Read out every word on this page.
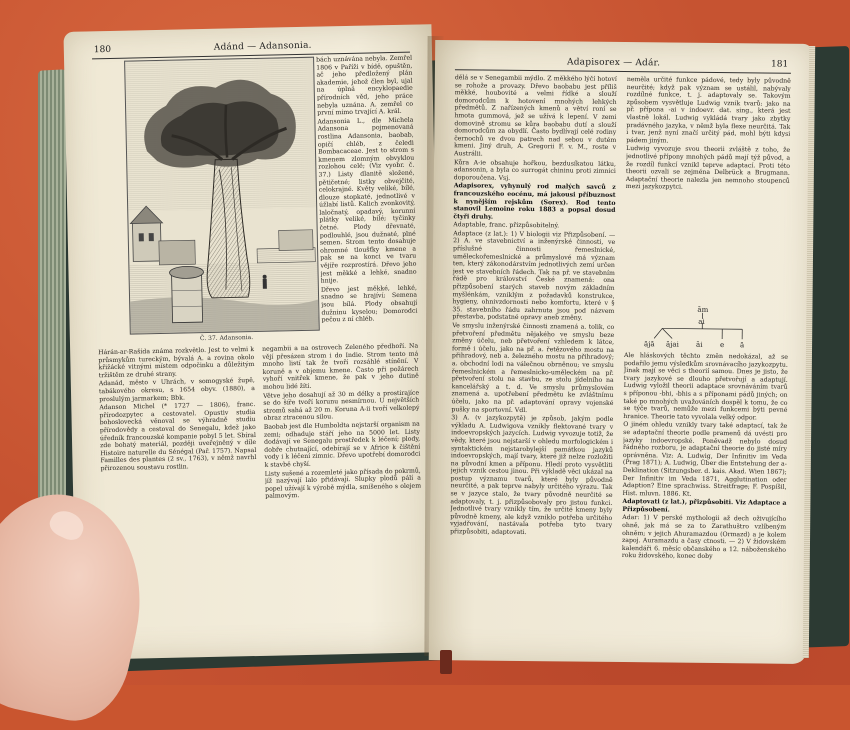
180	Adánd — Adansonia.
Č. 37. Adansonia.

bách uznávána nebyla. Zemřel 1806 v Paříži v bídě, opuštěn, ač jeho předložený plán akademie, jehož člen byl, ujal na úplná encyklopaedie přírodních věd, jeho práce nebyla uznána. A. zemřel co první mimo trvající A. král.

Adansonia L., dle Michela Adansona pojmenovaná rostlina Adansonia, baobab, opičí chléb, z čeledi Bombacaceae. Jest to strom s kmenem zlomným obvyklou rozlohou celé; (Viz vyobr. č. 37.) Listy dlanitě složené, pětičetné; listky obvejčité, celokrajné. Květy veliké, bílé, dlouze stopkaté, jednotlivé v úžlabí listů. Kalich zvonkovitý, laločnatý, opadavý, korunní plátky veliké, bílé; tyčinky četné. Plody dřevnaté, podlouhlé, jsou dužnaté, plné semen. Strom tento dosahuje ohromné tloušťky kmene a pak se na konci ve tvaru vějíře rozprostírá. Dřevo jeho jest měkké a lehké, snadno hnije.

Dřevo jest měkké, lehké, snadno se hrajíví; Semena jsou bílá. Plody obsahují dužninu kyselou; Domorodci pečou z ní chléb.

Hárán-ar-Rašída známa rozkvětlo. Jest to velmi k průsmykům tureckým, bývalá A. a rovina okolo křižácké vitnými místem odpočinku a důležitým tržištěm ze druhé strany.

Adanád, město v Uhrách, v somogyské župě, tabákového okresu, s 1654 obyv. (1880), a proslulým jarmarkem; Bbk.

Adanson Michel (* 1727 — 1806), franc. přírodozpytec a cestovatel. Opustiv studia bohoslovecká věnoval se výhradně studiu přírodovědy a cestoval do Senegalu, kdež jako úředník francouzské kompanie pobyl 5 let. Sbíral zde bohatý materiál, později uveřejněný v díle Histoire naturelle du Sénégal (Pař. 1757). Napsal Familles des plantes (2 sv., 1763), v němž navrhl přirozenou soustavu rostlin.

negambii a na ostrovech Zeleného předhoří. Na vějí přesázen strom i do Indie. Strom tento má mnoho listí tak že tvoří rozsáhlé stínění. V koruně a v objemu kmene. Často při požárech vyhoří vnitřek kmene, že pak v jeho dutině mohou lidé žíti.

Větve jeho dosahují až 30 m délky a prostirajíce se do šíře tvoří korunu nesmírnou. U největších stromů sahá až 20 m. Koruna A-ii tvoří velkolepý obraz ztracenou silou.

Baobab jest dle Humboldta nejstarší organism na zemi; odhaduje stáří jeho na 5000 let. Listy dodávají ve Senegalu prostředek k léčení; plody, dobře chutnající, odebírají se v Africe k čištění vody i k léčení zimnic. Dřevo upotřebí domorodci k stavbě chyší.

Listy sušené a rozemleté jako přísada do pokrmů, jíž nazývají lalo přidávají. Slupky plodů pálí a popel užívají k výrobě mýdla, smíšeného s olejem palmovým.

Adapisorex — Adár.	181

dělá se v Senegambii mýdlo. Z měkkého lýčí hotoví se rohože a provazy. Dřevo baobabu jest příliš měkké, houbovité a velmi řídké a slouží domorodcům k hotovení mnohých lehkých předmětů. Z nařízených kmenů a větví roní se hmota gummová, jež se užívá k lepení. V zemi domovině stromu se kůra baobabu dutí a slouží domorodcům za obydlí. Často bydlívají celé rodiny černochů ve dvou patrech nad sebou v dutém kmeni. Jiný druh, A. Gregorii F. v. M., roste v Austrálii.

Kůra A-ie obsahuje hořkou, bezdusíkatou látku, adansonin, a byla co surrogát chininu proti zimnici doporoučena. Vsj.

Adapisorex, vyhynulý rod malých savců z francouzského eocénu, má jakousi příbuznost k nynějším rejskům (Sorex). Rod tento stanovil Lemoine roku 1883 a popsal dosud čtyři druhy.

Adaptable, franc. přizpůsobitelný.

Adaptace (z lat.): 1) V biologii viz Přizpůsobení. — 2) A. ve stavebnictví a inženýrské činnosti, ve příslušné činnosti řemeslnické, uměleckořemeslnické a průmyslové má význam ten, který zákonodárstvím jednotlivých zemí určen jest ve stavebních řádech. Tak na př. ve stavebním řádě pro království České znamená: ona přizpůsobení starých staveb novým základním myšlénkám, vzniklým z požadavků konstrukce, hygieny, ohnivzdornosti nebo komfortu, které v § 35. stavebního řádu zahrnuta jsou pod názvem přestavba, podstatné opravy aneb změny.

Ve smyslu inženýrské činnosti znamená a. tolik, co přetvoření předmětu nějakého ve smyslu beze změny účelu, neb přetvoření vzhledem k látce, formě i účelu, jako na př. a. řetězového mostu na přihradový, neb a. železného mostu na přihradový; a. obchodní lodi na válečnou obrněnou; ve smyslu řemeslnickém a řemeslnicko-uměleckém na př. přetvoření stolu na stavbu, ze stolu jídelního na kancelářský a t. d. Ve smyslu průmyslovém znamená a. upotřebení předmětu ke zvláštnímu účelu, jako na př. adaptování opravy vojenské pušky na sportovní. Vdl.

3) A. (v jazykozpytě) je způsob, jakým podle výkladu A. Ludwigova vznikly flektované tvary v indoevropských jazycích. Ludwig vyvozuje totiž, že vědy, které jsou nejstarší v ohledu morfologickém i syntaktickém nejstarobylejší památkou jazyků indoevropských, mají tvary, které již nelze rozložiti na původní kmen a příponu. Hledí proto vysvětliti jejich vznik cestou jinou. Při výkladě věci ukázal na postup významu tvarů, které byly původně neurčité, a pak teprve nabyly určitého výrazu. Tak se v jazyce stalo, že tvary původně neurčité se adaptovaly, t. j. přizpůsobovaly pro jistou funkci. Jednotlivé tvary vznikly tím, že určité kmeny byly původně kmeny, ale když vzniklo potřeba určitého vyjadřování, nastávala potřeba tyto tvary přizpůsobiti, adaptovati.

neměla určité funkce pádové, tedy byly původně neurčité; když pak význam se ustálil, nabývaly rozdílné funkce, t. j. adaptovaly se. Takovým způsobem vysvětluje Ludwig vznik tvarů: jako na př. přípona -ai v indoevr. dat. sing., která jest vlastně lokál. Ludwig vykládá tvary jako zbytky pradávného jazyka, v němž byla flexe neurčitá. Tak i tvar, jenž nyní značí určitý pád, mohl býti kdysi pádem jiným.

Ludwig vyvozuje svou theorii zvláště z toho, že jednotlivé přípony mnohých pádů mají týž původ, a že rozdíl funkcí vznikl teprve adaptací. Proti této theorii ozvali se zejména Delbrück a Brugmann. Adaptační theorie nalezla jen nemnoho stoupenců mezi jazykozpytci.

ām
ai
ājā ājai āi e ā

Ale hláskových těchto změn nedokázal, až se podařilo jemu výsledkům srovnávacího jazykozpytu. Jinak mají se věci s theorií samou. Dnes je jisto, že tvary jazykové se dlouho přetvořují a adaptují. Ludwig vyložil theorii adaptace srovnáváním tvarů s příponou -bhi, -bhis a s příponami pádů jiných; on také po mnohých uvažováních dospěl k tomu, že co se týče tvarů, nemůže mezi funkcemi býti pevné hranice. Theorie tato vyvolala velký odpor.

O jiném ohledu vznikly tvary také adaptací, tak že se adaptační theorie podle pramenů dá uvésti pro jazyky indoevropské. Poněvadž nebylo dosud řádného rozboru, je adaptační theorie do jisté míry oprávněna. Viz: A. Ludwig, Der Infinitiv im Veda (Prag 1871); A. Ludwig, Über die Entstehung der a-Deklination (Sitzungsber. d. kais. Akad. Wien 1867); Der Infinitiv im Veda 1871, Agglutination oder Adaption? Eine sprachwiss. Streitfrage; F. Pospíšil, Hist. mluvn. 1886. Kt.

Adaptovati (z lat.), přizpůsobiti. Viz Adaptace a Přizpůsobení.

Adar: 1) V perské mythologii až dech oživujícího ohně, jak má se za to Zarathuštro vzlíbeným ohněm; v jejich Ahuramazdou (Ormazd) a je kolem zapoj. Auramazdu a časy ctnosti. — 2) V židovském kalendáři 6. měsíc občanského a 12. náboženského roku židovského, konec doby
